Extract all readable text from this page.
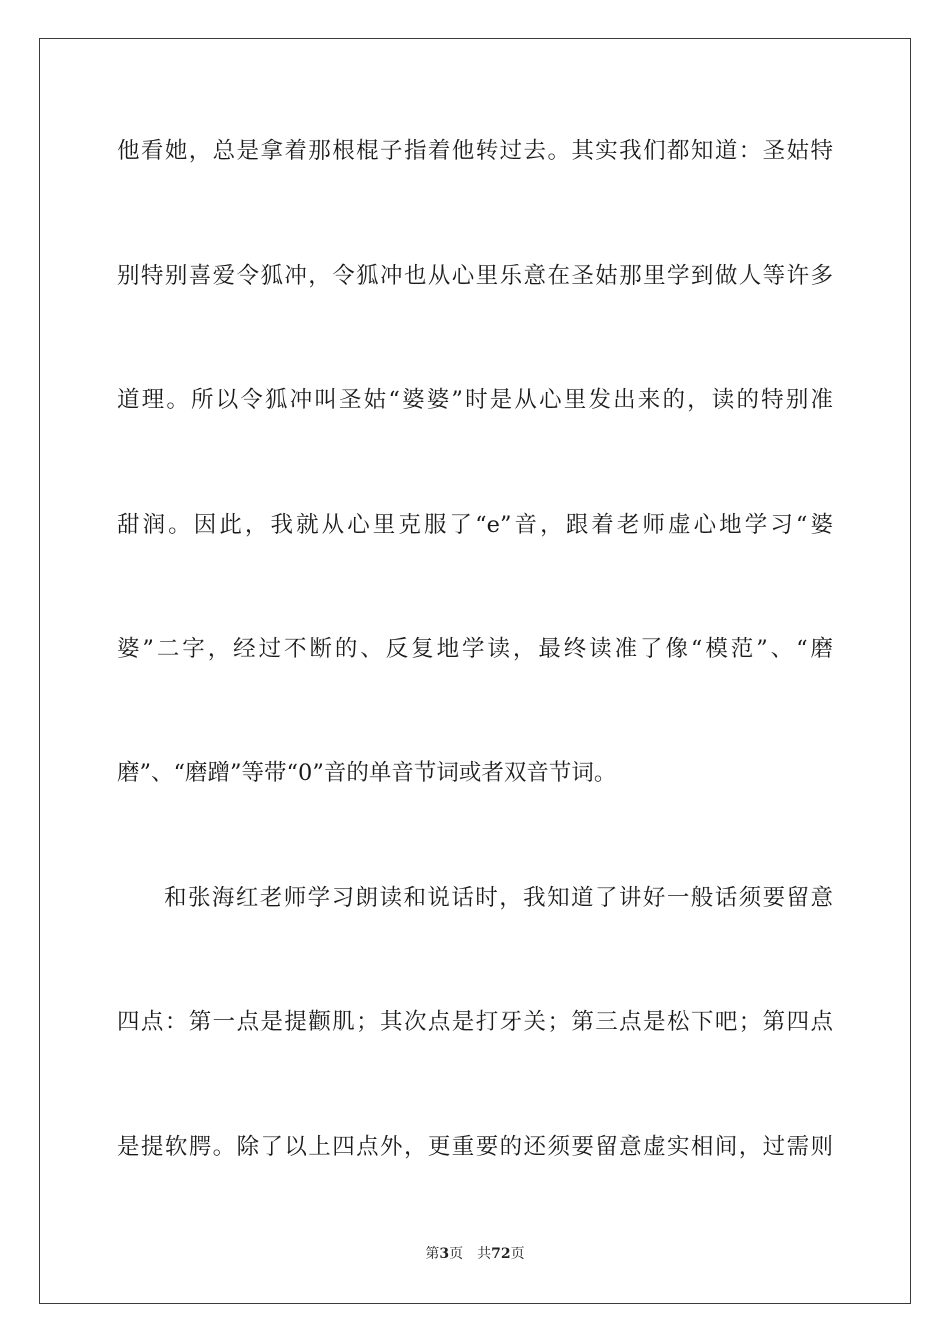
他看她，总是拿着那根棍子指着他转过去。其实我们都知道：圣姑特
别特别喜爱令狐冲，令狐冲也从心里乐意在圣姑那里学到做人等许多
道理。所以令狐冲叫圣姑“婆婆”时是从心里发出来的，读的特别准
甜润。因此，我就从心里克服了“e”音，跟着老师虚心地学习“婆
婆”二字，经过不断的、反复地学读，最终读准了像“模范”、“磨
磨”、“磨蹭”等带“0”音的单音节词或者双音节词。
和张海红老师学习朗读和说话时，我知道了讲好一般话须要留意
四点：第一点是提颧肌；其次点是打牙关；第三点是松下吧；第四点
是提软腭。除了以上四点外，更重要的还须要留意虚实相间，过需则
第3页 共72页
